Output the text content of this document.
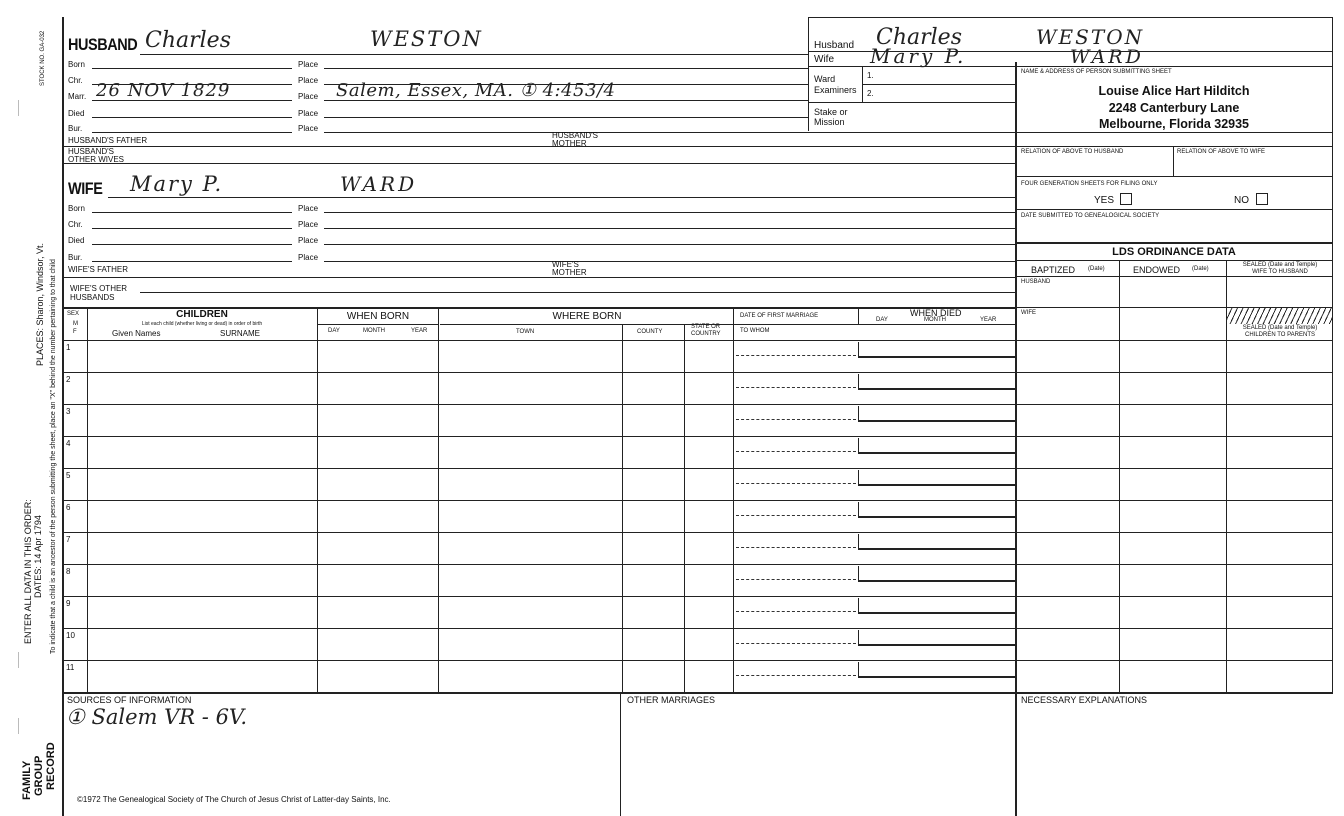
STOCK NO. GA-032
PLACES: Sharon, Windsor, Vt.
ENTER ALL DATA IN THIS ORDER: DATES: 14 Apr 1794 To indicate that a child is an ancestor of the person submitting the sheet, place an "X" behind the number pertaining to that child
FAMILY GROUP RECORD
HUSBAND Charles	WESTON
Born	Place
Chr.	Place
Marr. 26 NOV 1829	Place Salem, Essex, MA. ① 4:453/4
Died	Place
Bur.	Place
HUSBAND'S FATHER
HUSBAND'S
MOTHER
HUSBAND'S
OTHER WIVES
WIFE Mary P.	WARD
Born	Place
Chr.	Place
Died	Place
Bur.	Place
WIFE'S FATHER
WIFE'S
MOTHER
WIFE'S OTHER
HUSBANDS
Husband Charles	WESTON
Wife Mary P.	WARD
Ward
Examiners
1.
2.
Stake or
Mission
NAME & ADDRESS OF PERSON SUBMITTING SHEET
Louise Alice Hart Hilditch
2248 Canterbury Lane
Melbourne, Florida 32935
RELATION OF ABOVE TO HUSBAND	RELATION OF ABOVE TO WIFE
FOUR GENERATION SHEETS FOR FILING ONLY
YES	NO
DATE SUBMITTED TO GENEALOGICAL SOCIETY
LDS ORDINANCE DATA
BAPTIZED (Date)	ENDOWED (Date)
SEALED (Date and Temple)
WIFE TO HUSBAND
HUSBAND
WIFE
SEALED (Date and Temple)
CHILDREN TO PARENTS
SEX
M
F
CHILDREN
List each child (whether living or dead) in order of birth
Given Names	SURNAME
WHEN BORN
DAY	MONTH	YEAR
WHERE BORN
TOWN	COUNTY
STATE OR
COUNTRY
DATE OF FIRST MARRIAGE
TO WHOM
WHEN DIED
DAY	MONTH	YEAR
1
2
3
4
5
6
7
8
9
10
11
SOURCES OF INFORMATION
① Salem VR - 6V.
OTHER MARRIAGES	NECESSARY EXPLANATIONS
©1972 The Genealogical Society of The Church of Jesus Christ of Latter-day Saints, Inc.
